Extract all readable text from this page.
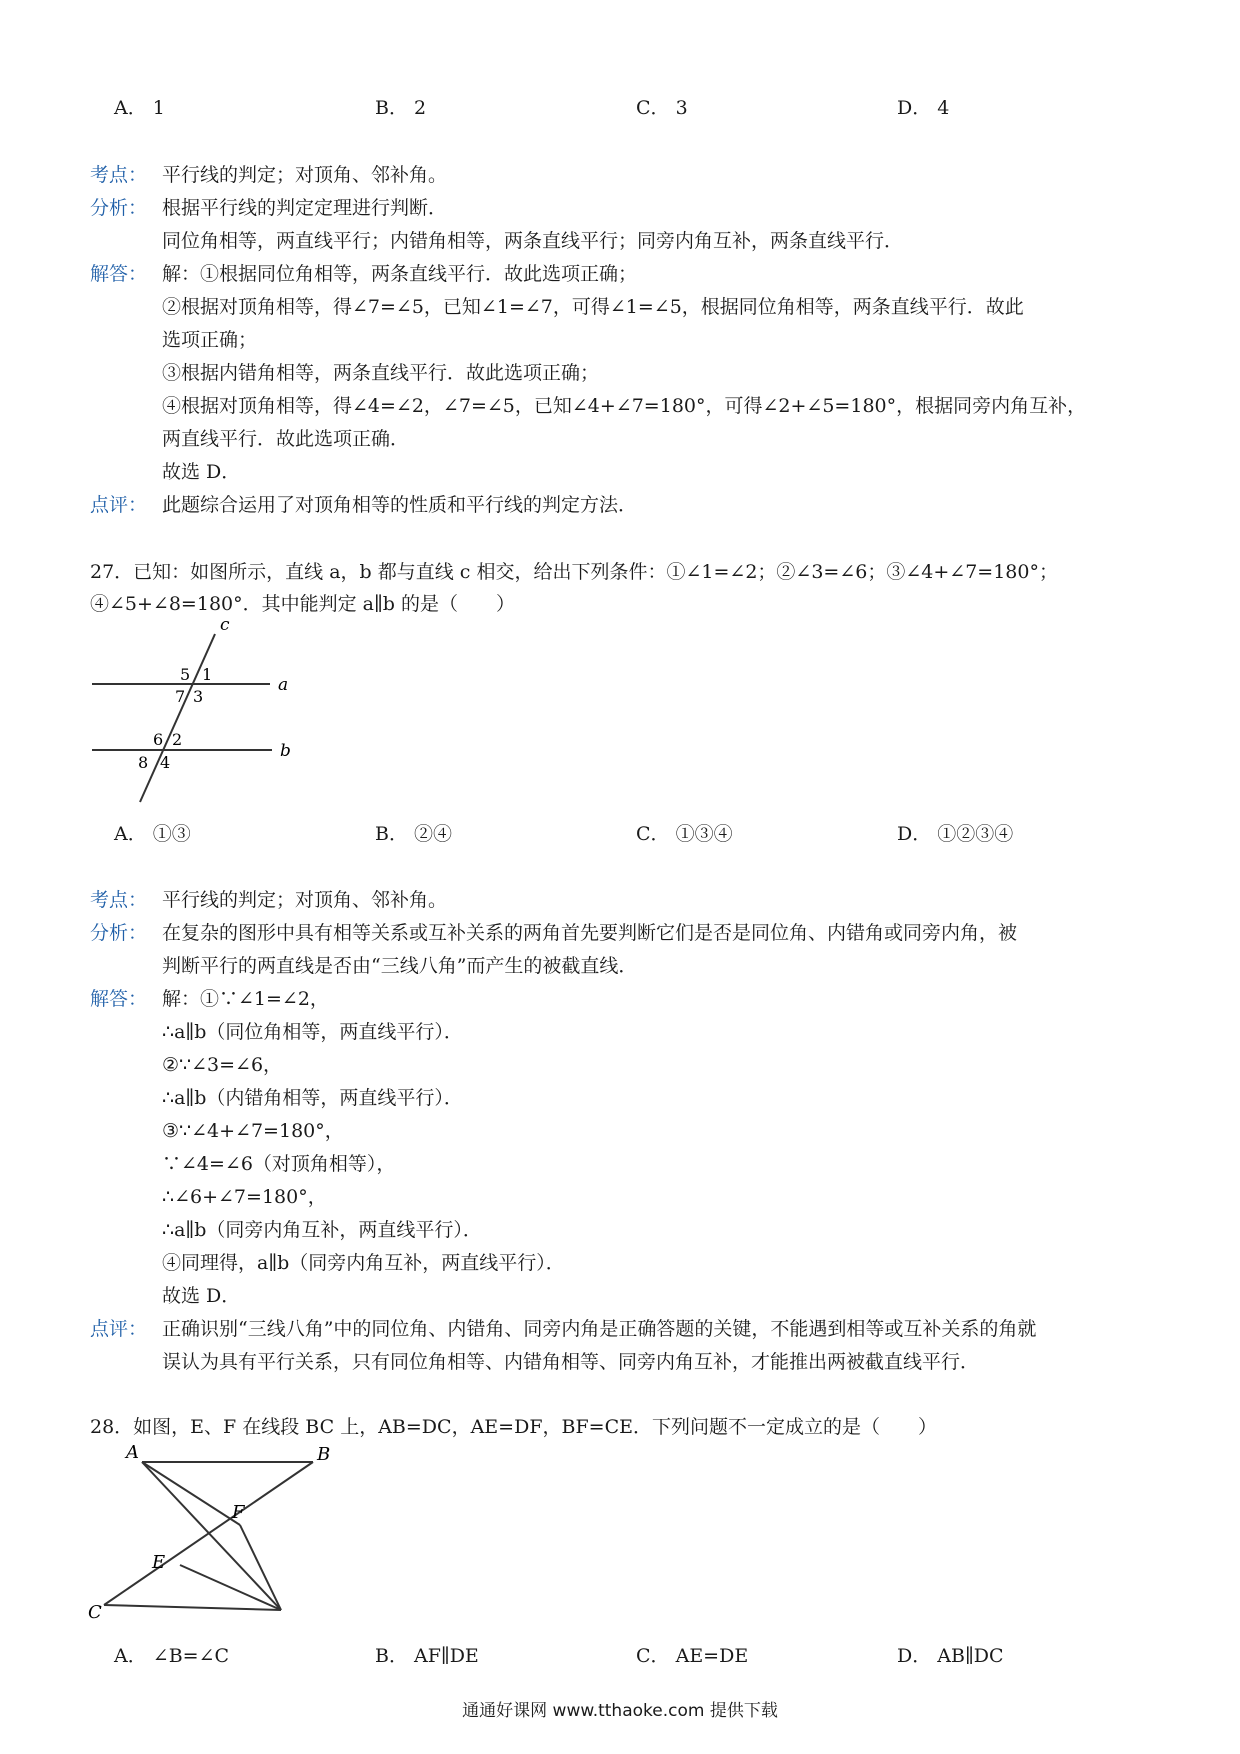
A． 1	B． 2	C． 3	D． 4
考点： 平行线的判定；对顶角、邻补角。
分析： 根据平行线的判定定理进行判断．
同位角相等，两直线平行；内错角相等，两条直线平行；同旁内角互补，两条直线平行．
解答： 解：①根据同位角相等，两条直线平行．故此选项正确；
②根据对顶角相等，得∠7=∠5，已知∠1=∠7，可得∠1=∠5，根据同位角相等，两条直线平行．故此
选项正确；
③根据内错角相等，两条直线平行．故此选项正确；
④根据对顶角相等，得∠4=∠2，∠7=∠5，已知∠4+∠7=180°，可得∠2+∠5=180°，根据同旁内角互补，
两直线平行．故此选项正确．
故选 D．
点评： 此题综合运用了对顶角相等的性质和平行线的判定方法．
27．已知：如图所示，直线 a，b 都与直线 c 相交，给出下列条件：①∠1=∠2；②∠3=∠6；③∠4+∠7=180°；
④∠5+∠8=180°．其中能判定 a∥b 的是（　　）
c
a
b
5 1
7 3
6 2
8 4
A． ①③	B． ②④	C． ①③④	D． ①②③④
考点： 平行线的判定；对顶角、邻补角。
分析： 在复杂的图形中具有相等关系或互补关系的两角首先要判断它们是否是同位角、内错角或同旁内角，被
判断平行的两直线是否由“三线八角”而产生的被截直线．
解答： 解：①∵∠1=∠2，
∴a∥b（同位角相等，两直线平行）．
②∵∠3=∠6，
∴a∥b（内错角相等，两直线平行）．
③∵∠4+∠7=180°，
∵∠4=∠6（对顶角相等），
∴∠6+∠7=180°，
∴a∥b（同旁内角互补，两直线平行）．
④同理得，a∥b（同旁内角互补，两直线平行）．
故选 D．
点评： 正确识别“三线八角”中的同位角、内错角、同旁内角是正确答题的关键，不能遇到相等或互补关系的角就
误认为具有平行关系，只有同位角相等、内错角相等、同旁内角互补，才能推出两被截直线平行．
28．如图，E、F 在线段 BC 上，AB=DC，AE=DF，BF=CE．下列问题不一定成立的是（　　）
A	B
C
E
F
A． ∠B=∠C	B． AF∥DE	C． AE=DE	D． AB∥DC
通通好课网 www.tthaoke.com 提供下载
